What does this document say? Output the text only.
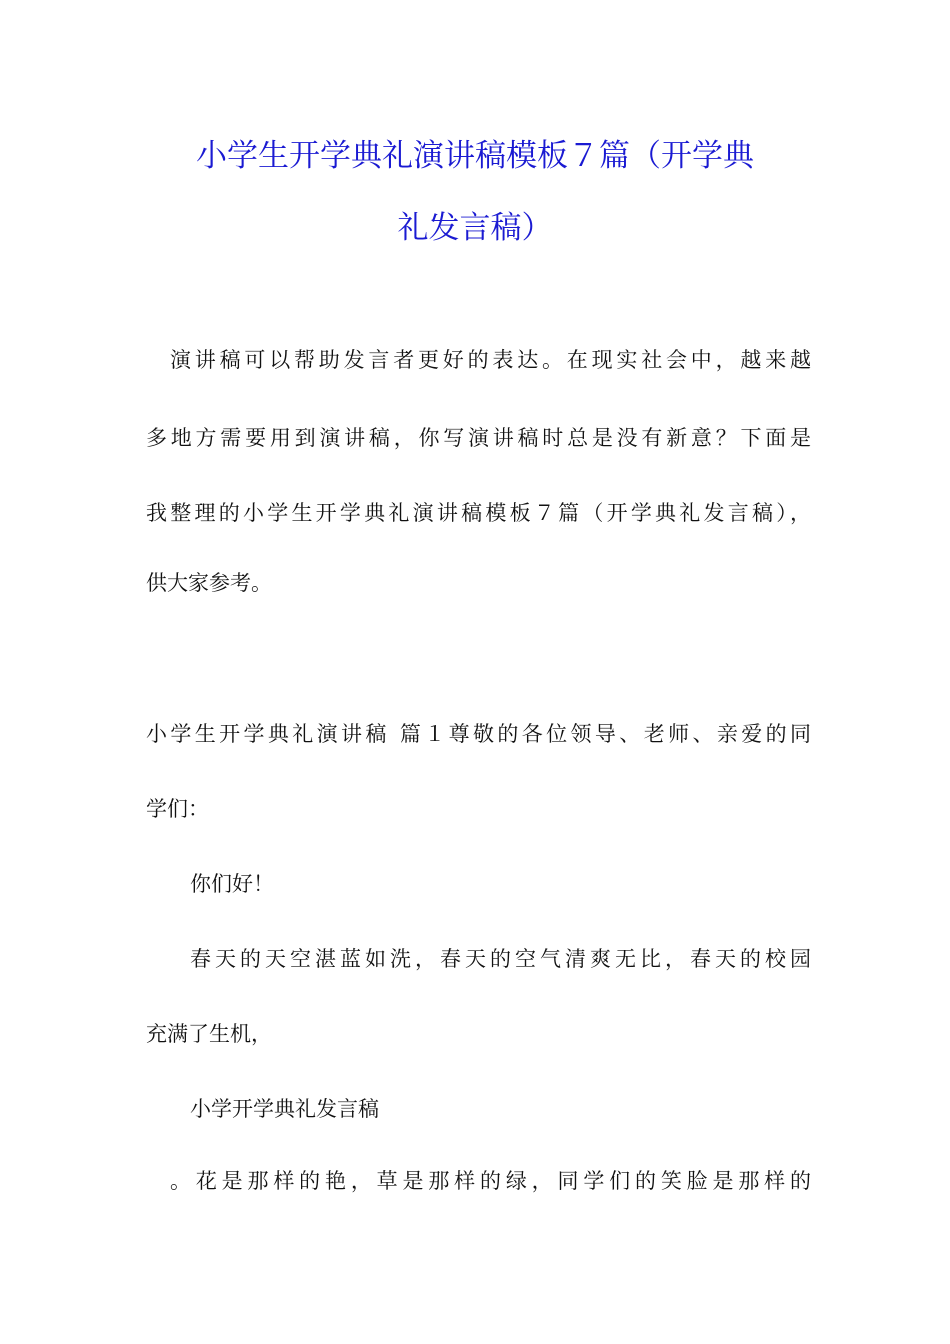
小学生开学典礼演讲稿模板７篇（开学典
礼发言稿）

演讲稿可以帮助发言者更好的表达。在现实社会中，越来越

多地方需要用到演讲稿，你写演讲稿时总是没有新意？下面是

我整理的小学生开学典礼演讲稿模板７篇（开学典礼发言稿），

供大家参考。

小学生开学典礼演讲稿 篇１尊敬的各位领导、老师、亲爱的同

学们：

你们好！

春天的天空湛蓝如洗，春天的空气清爽无比，春天的校园

充满了生机，

小学开学典礼发言稿

。花是那样的艳，草是那样的绿，同学们的笑脸是那样的
